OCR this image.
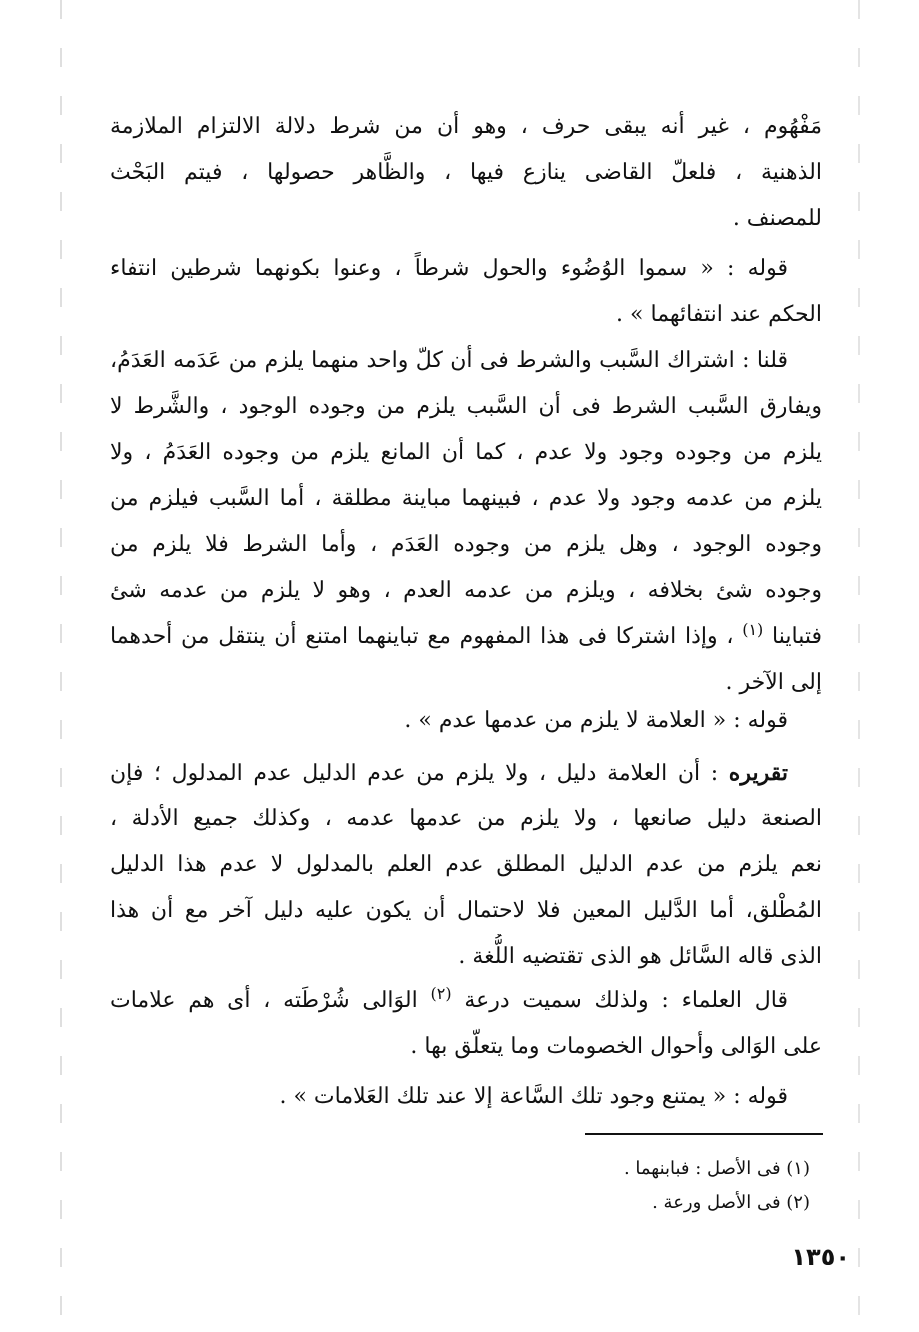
مَفْهُوم ، غير أنه يبقى حرف ، وهو أن من شرط دلالة الالتزام الملازمة
الذهنية ، فلعلّ القاضى ينازع فيها ، والظَّاهر حصولها ، فيتم البَحْث
للمصنف .
قوله : « سموا الوُضُوء والحول شرطاً ، وعنوا بكونهما شرطين انتفاء
الحكم عند انتفائهما » .
قلنا : اشتراك السَّبب والشرط فى أن كلّ واحد منهما يلزم من عَدَمه العَدَمُ،
ويفارق السَّبب الشرط فى أن السَّبب يلزم من وجوده الوجود ، والشَّرط لا
يلزم من وجوده وجود ولا عدم ، كما أن المانع يلزم من وجوده العَدَمُ ، ولا
يلزم من عدمه وجود ولا عدم ، فبينهما مباينة مطلقة ، أما السَّبب فيلزم من
وجوده الوجود ، وهل يلزم من وجوده العَدَم ، وأما الشرط فلا يلزم من
وجوده شئ بخلافه ، ويلزم من عدمه العدم ، وهو لا يلزم من عدمه شئ
فتباينا $^{(١)}$ ، وإذا اشتركا فى هذا المفهوم مع تباينهما امتنع أن ينتقل من أحدهما
إلى الآخر .
قوله : « العلامة لا يلزم من عدمها عدم » .
تقريره : أن العلامة دليل ، ولا يلزم من عدم الدليل عدم المدلول ؛ فإن
الصنعة دليل صانعها ، ولا يلزم من عدمها عدمه ، وكذلك جميع الأدلة ،
نعم يلزم من عدم الدليل المطلق عدم العلم بالمدلول لا عدم هذا الدليل
المُطْلق، أما الدَّليل المعين فلا لاحتمال أن يكون عليه دليل آخر مع أن هذا
الذى قاله السَّائل هو الذى تقتضيه اللُّغة .
قال العلماء : ولذلك سميت درعة $^{(٢)}$ الوَالى شُرْطَته ، أى هم علامات
على الوَالى وأحوال الخصومات وما يتعلّق بها .
قوله : « يمتنع وجود تلك السَّاعة إلا عند تلك العَلامات » .
(١) فى الأصل : فبابنهما .
(٢) فى الأصل ورعة .
١٣٥٠
